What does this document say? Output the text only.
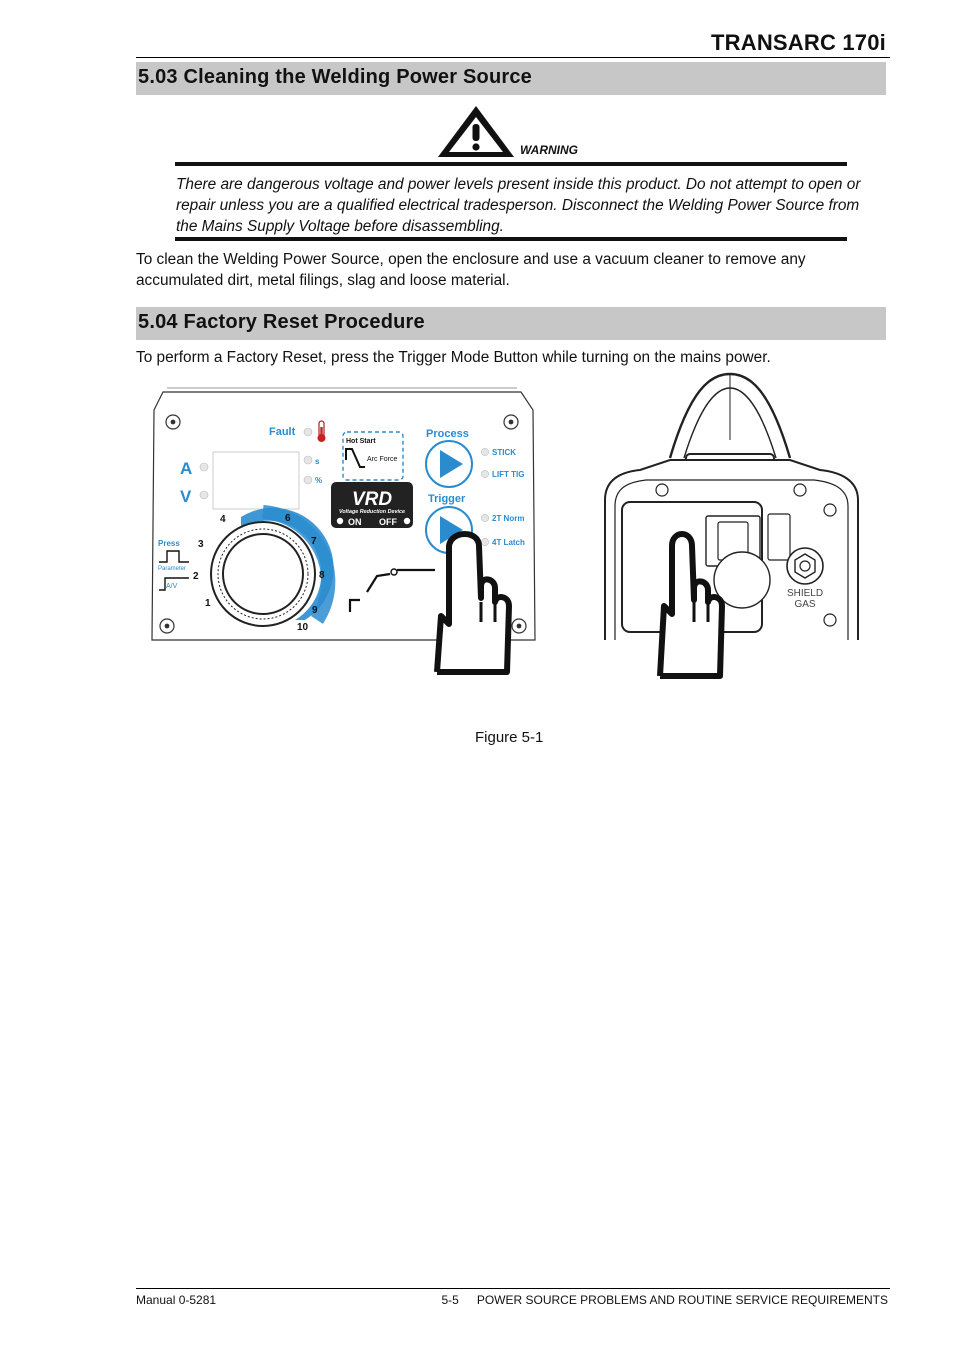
TRANSARC 170i
5.03 Cleaning the Welding Power Source
WARNING
There are dangerous voltage and power levels present inside this product. Do not attempt to open or repair unless you are a qualified electrical tradesperson. Disconnect the Welding Power Source from the Mains Supply Voltage before disassembling.
To clean the Welding Power Source, open the enclosure and use a vacuum cleaner to remove any accumulated dirt, metal filings, slag and loose material.
5.04 Factory Reset Procedure
To perform a Factory Reset, press the Trigger Mode Button while turning on the mains power.
Fault
A
V
s
%
Hot Start
Arc Force
VRD
Voltage Reduction Device
ON OFF
Process
STICK
LIFT TIG
Trigger
2T Norm
4T Latch
Press
Parameter
A/V
1
2
3
4	6
7
8
9
10
SHIELD
GAS
Figure 5-1
Manual 0-5281	5-5 POWER SOURCE PROBLEMS AND ROUTINE SERVICE REQUIREMENTS
